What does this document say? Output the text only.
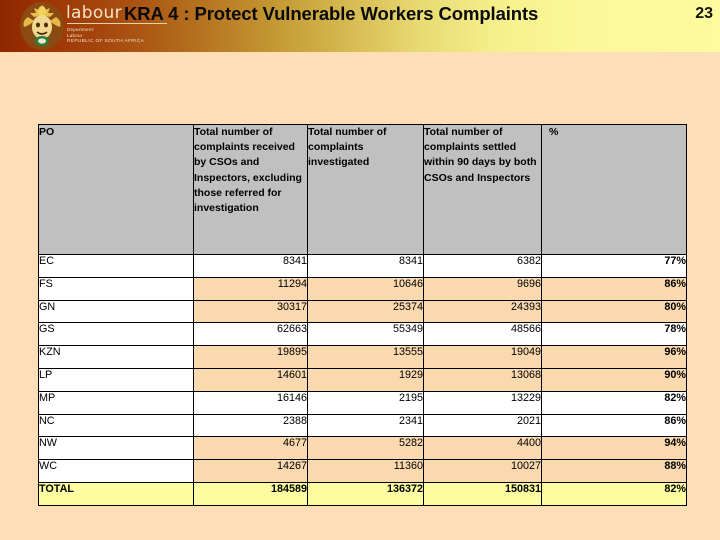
labour
Department:
Labour
REPUBLIC OF SOUTH AFRICA
KRA 4 : Protect Vulnerable Workers Complaints	23
PO	Total number of complaints received by CSOs and Inspectors, excluding those referred for investigation	Total number of complaints investigated	Total number of complaints settled within 90 days by both CSOs and Inspectors	%
EC	8341	8341	6382	77%
FS	11294	10646	9696	86%
GN	30317	25374	24393	80%
GS	62663	55349	48566	78%
KZN	19895	13555	19049	96%
LP	14601	1929	13068	90%
MP	16146	2195	13229	82%
NC	2388	2341	2021	86%
NW	4677	5282	4400	94%
WC	14267	11360	10027	88%
TOTAL	184589	136372	150831	82%
